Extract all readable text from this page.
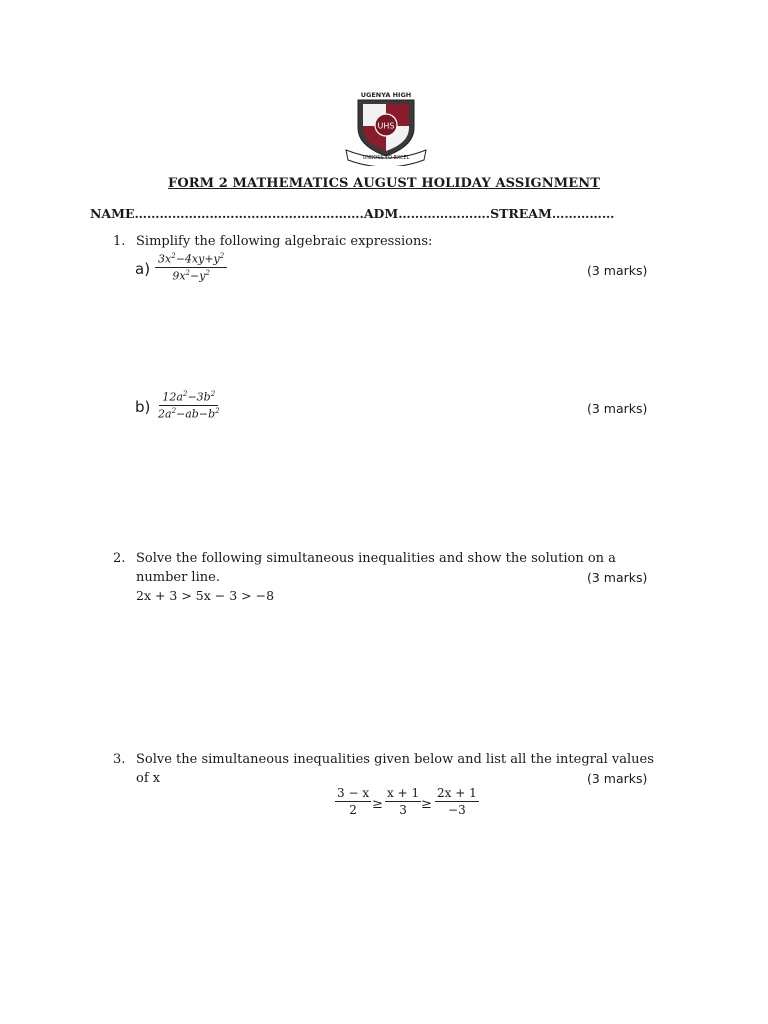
UGENYA HIGH
UHS
UNBOSS TO EXCEL
FORM 2 MATHEMATICS AUGUST HOLIDAY ASSIGNMENT
NAME……………………………………………….ADM………………….STREAM……………
1. Simplify the following algebraic expressions:
$a) \frac{3x^2-4xy+y^2}{9x^2-y^2}$	(3 marks)
$b) \frac{12a^2-3b^2}{2a^2-ab-b^2}$	(3 marks)
2. Solve the following simultaneous inequalities and show the solution on a
number line.	(3 marks)
2x + 3 > 5x − 3 > −8
3. Solve the simultaneous inequalities given below and list all the integral values
of x	(3 marks)
$\frac{3 - x}{2} \ge \frac{x + 1}{3} \ge \frac{2x + 1}{-3}$
